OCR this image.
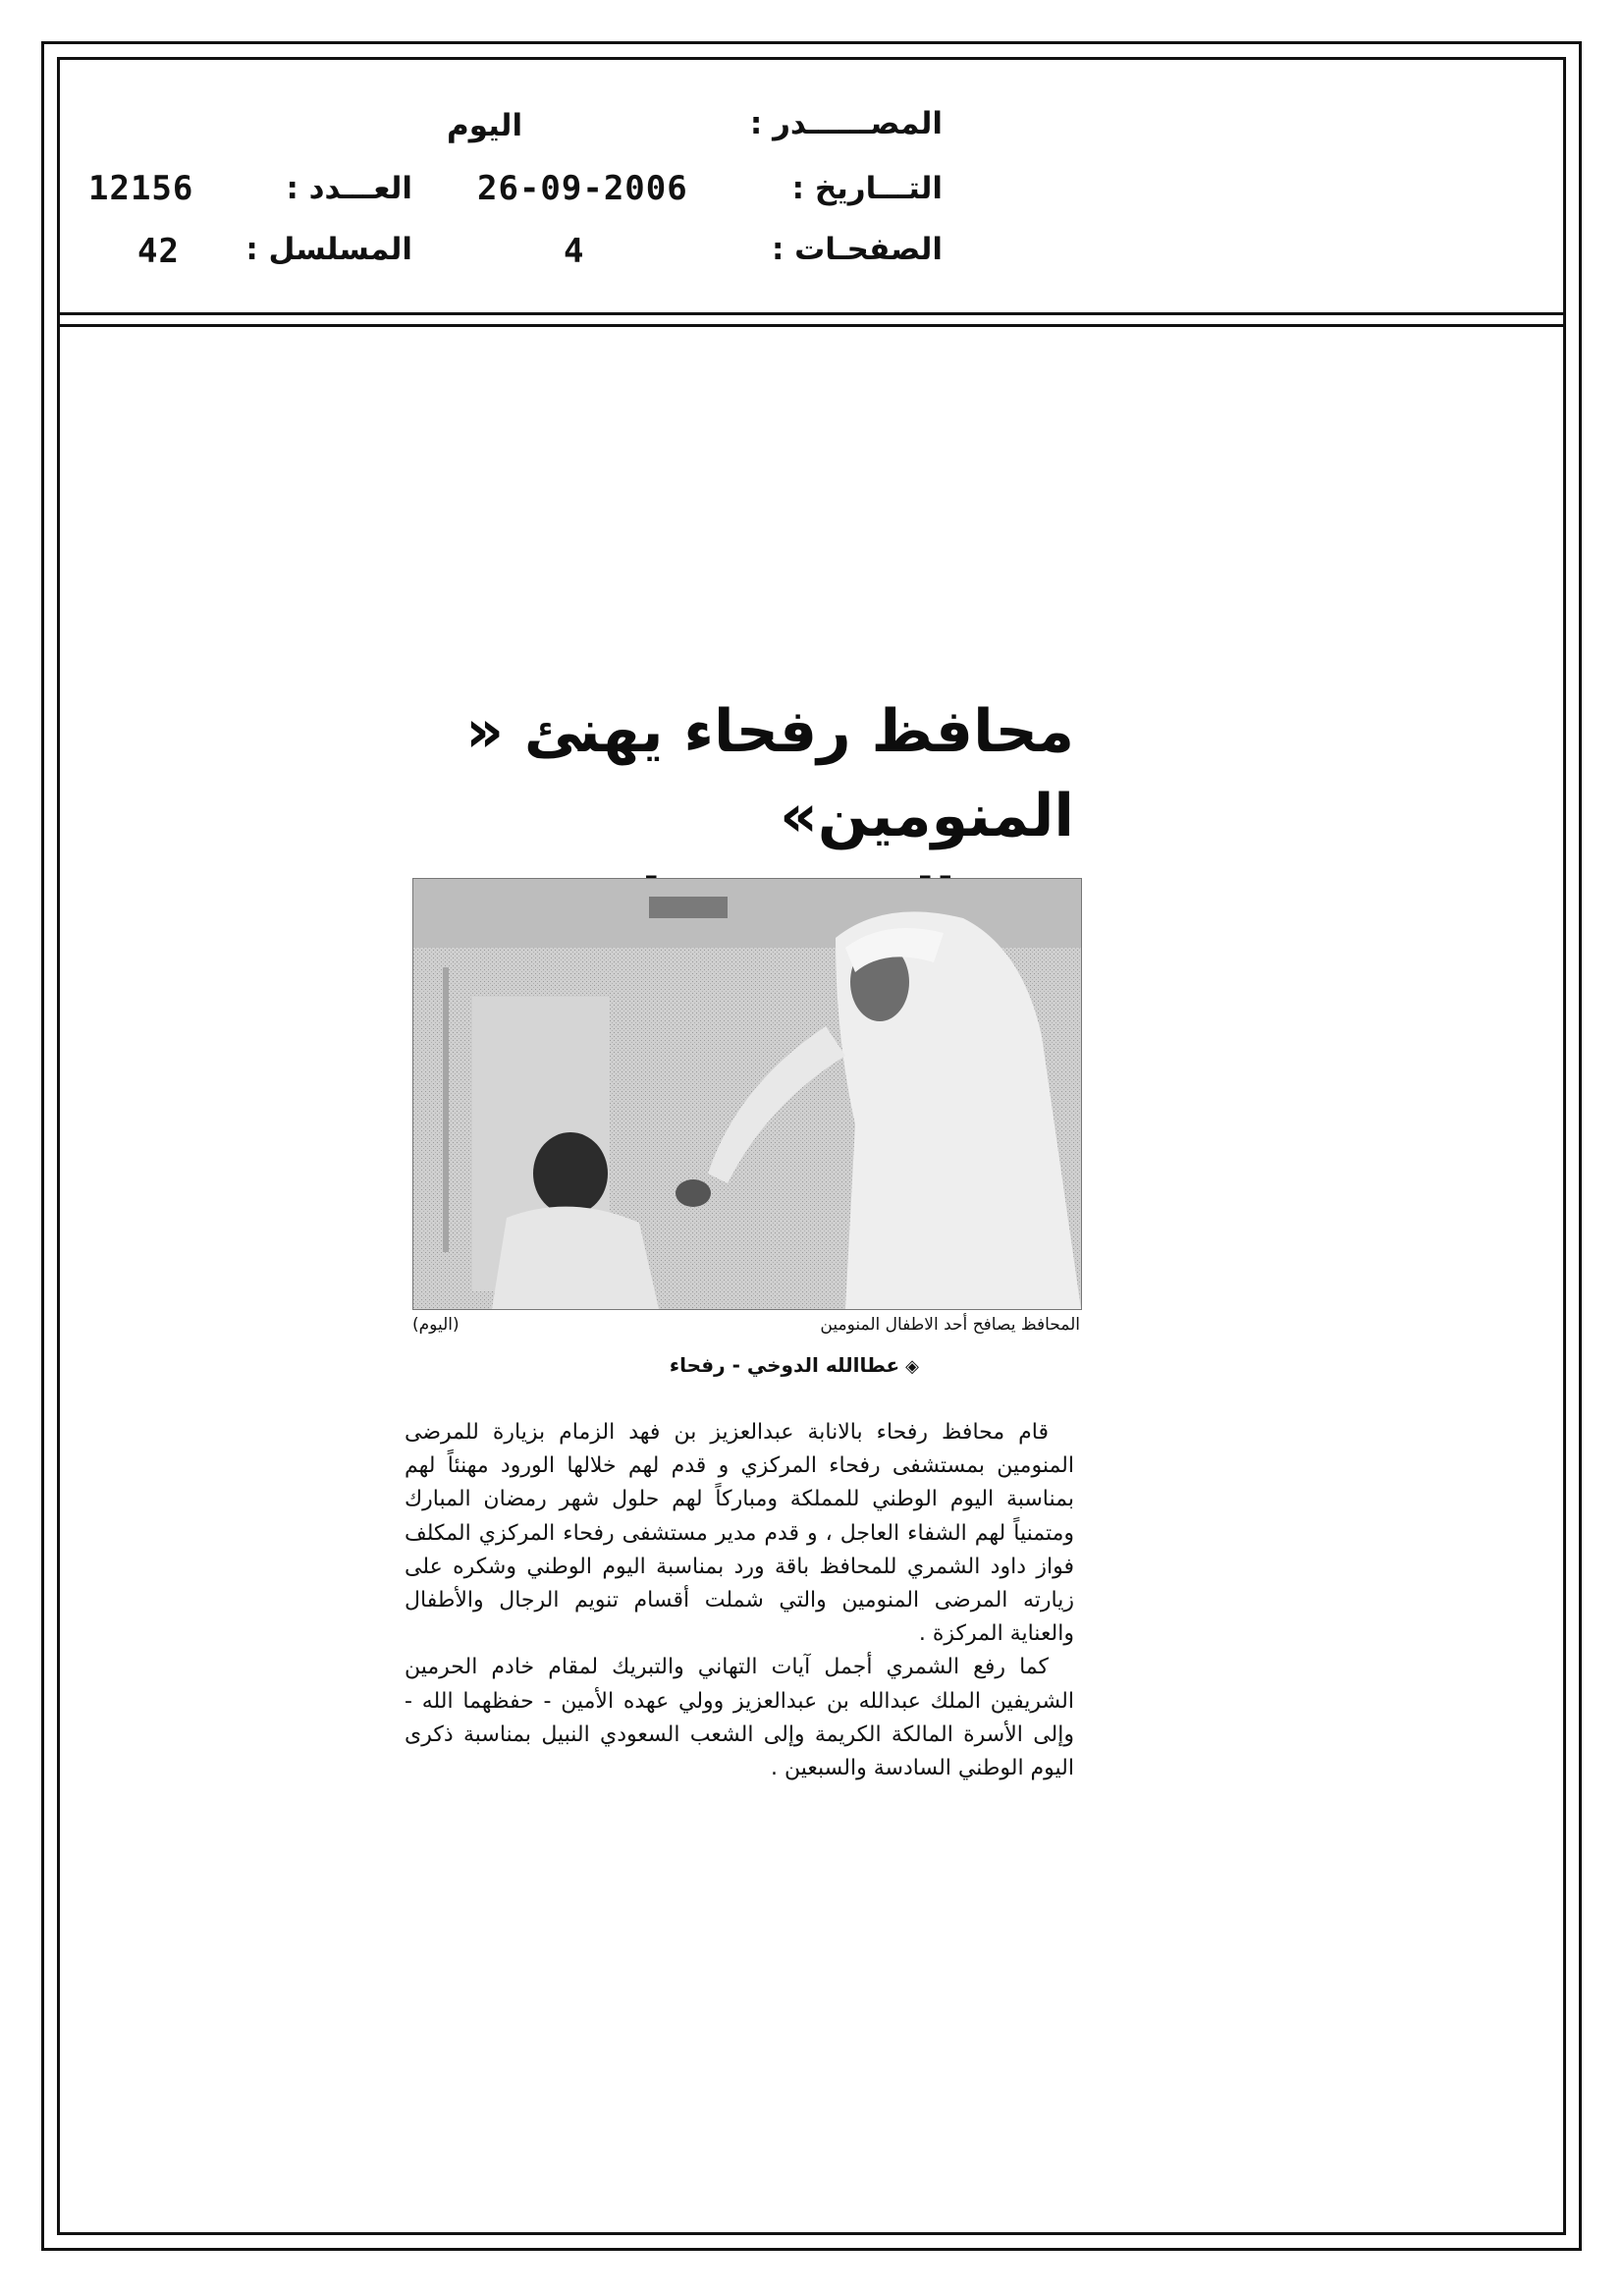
المصــــــدر :
اليوم
التـــاريخ :
26-09-2006
العـــدد :
12156
الصفحـات :
4
المسلسل :
42
محافظ رفحاء يهنئ « المنومين»
المحافظ يصافح أحد الاطفال المنومين
(اليوم)
◈عطاالله الدوخي - رفحاء

قام محافظ رفحاء بالانابة عبدالعزيز بن فهد الزمام بزيارة للمرضى المنومين بمستشفى رفحاء المركزي و قدم لهم خلالها الورود مهنئاً لهم بمناسبة اليوم الوطني للمملكة ومباركاً لهم حلول شهر رمضان المبارك ومتمنياً لهم الشفاء العاجل ، و قدم مدير مستشفى رفحاء المركزي المكلف فواز داود الشمري للمحافظ باقة ورد بمناسبة اليوم الوطني وشكره على زيارته المرضى المنومين والتي شملت أقسام تنويم الرجال والأطفال والعناية المركزة .

كما رفع الشمري أجمل آيات التهاني والتبريك لمقام خادم الحرمين الشريفين الملك عبدالله بن عبدالعزيز وولي عهده الأمين - حفظهما الله - وإلى الأسرة المالكة الكريمة وإلى الشعب السعودي النبيل بمناسبة ذكرى اليوم الوطني السادسة والسبعين .
